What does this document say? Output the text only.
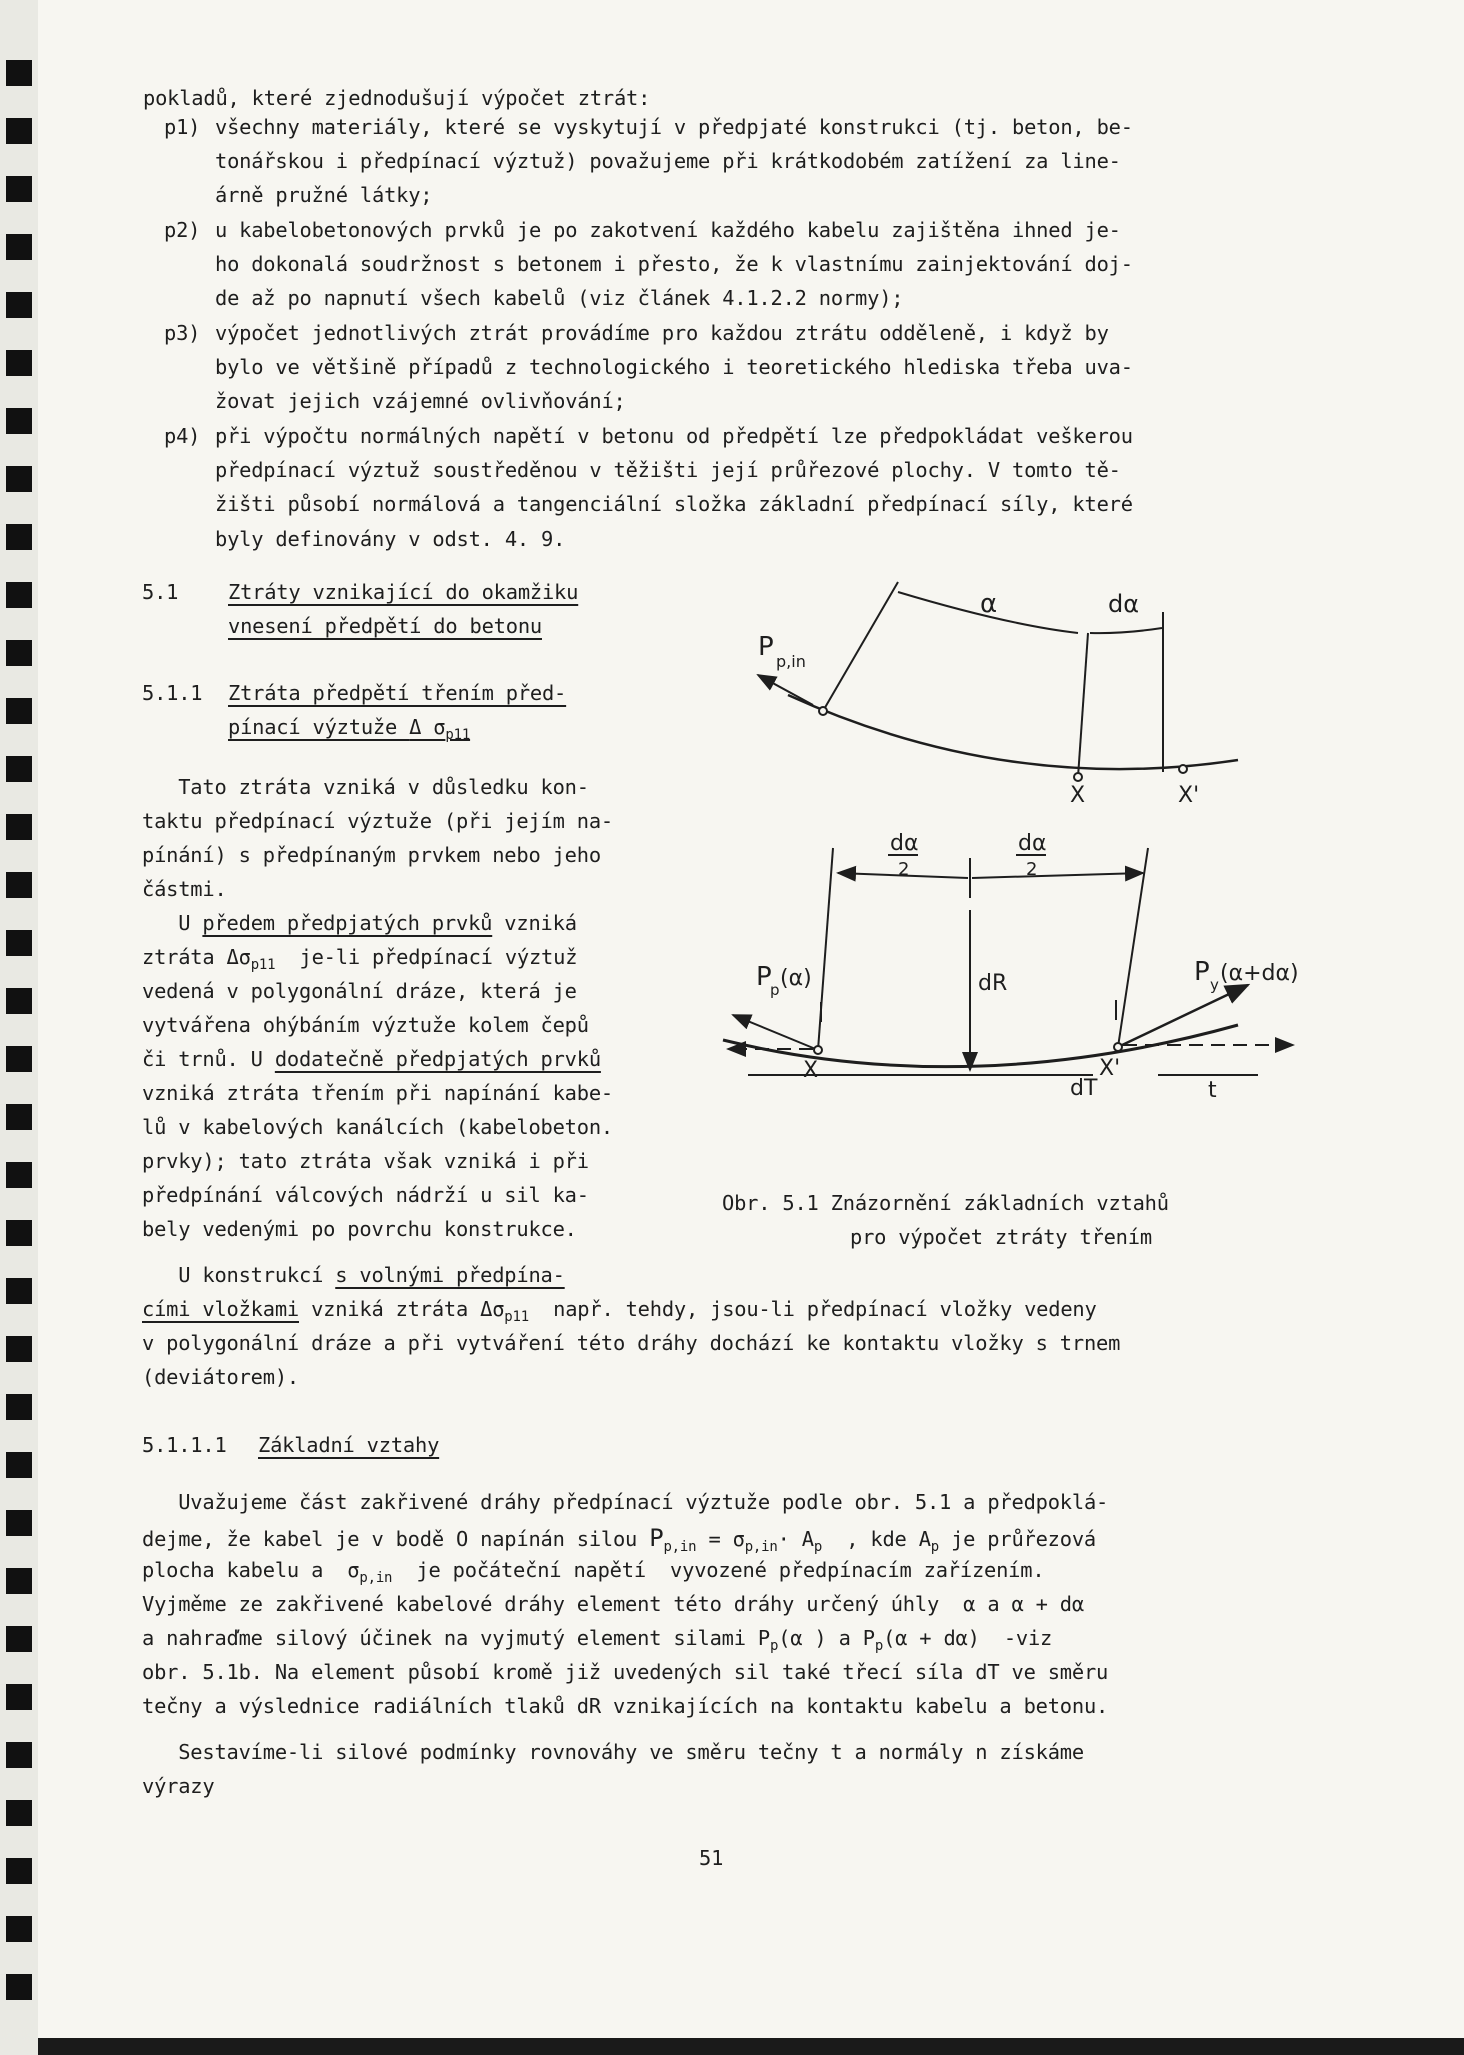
pokladů, které zjednodušují výpočet ztrát:
p1) všechny materiály, které se vyskytují v předpjaté konstrukci (tj. beton, be-
tonářskou i předpínací výztuž) považujeme při krátkodobém zatížení za line-
árně pružné látky;
p2) u kabelobetonových prvků je po zakotvení každého kabelu zajištěna ihned je-
ho dokonalá soudržnost s betonem i přesto, že k vlastnímu zainjektování doj-
de až po napnutí všech kabelů (viz článek 4.1.2.2 normy);
p3) výpočet jednotlivých ztrát provádíme pro každou ztrátu odděleně, i když by
bylo ve většině případů z technologického i teoretického hlediska třeba uva-
žovat jejich vzájemné ovlivňování;
p4) při výpočtu normálných napětí v betonu od předpětí lze předpokládat veškerou
předpínací výztuž soustředěnou v těžišti její průřezové plochy. V tomto tě-
žišti působí normálová a tangenciální složka základní předpínací síly, které
byly definovány v odst. 4. 9.
5.1 Ztráty vznikající do okamžiku
vnesení předpětí do betonu
5.1.1 Ztráta předpětí třením před-
pínací výztuže Δ $\sigma_{p11}$
Tato ztráta vzniká v důsledku kon-
taktu předpínací výztuže (při jejím na-
pínání) s předpínaným prvkem nebo jeho
částmi.
U předem předpjatých prvků vzniká
ztráta $\Delta\sigma_{p11}$  je-li předpínací výztuž
vedená v polygonální dráze, která je
vytvářena ohýbáním výztuže kolem čepů
či trnů. U dodatečně předpjatých prvků
vzniká ztráta třením při napínání kabe-
lů v kabelových kanálcích (kabelobeton.
prvky); tato ztráta však vzniká i při
předpínání válcových nádrží u sil ka-
bely vedenými po povrchu konstrukce.
U konstrukcí s volnými předpína-
cími vložkami vzniká ztráta $\Delta\sigma_{p11}$  např. tehdy, jsou-li předpínací vložky vedeny
v polygonální dráze a při vytváření této dráhy dochází ke kontaktu vložky s trnem
(deviátorem).
5.1.1.1 Základní vztahy
Uvažujeme část zakřivené dráhy předpínací výztuže podle obr. 5.1 a předpoklá-
dejme, že kabel je v bodě O napínán silou $P_{p,in} = \sigma_{p,in}\cdot A_p$  , kde $A_p$ je průřezová
plocha kabelu a  $\sigma_{p,in}$  je počáteční napětí  vyvozené předpínacím zařízením.
Vyjměme ze zakřivené kabelové dráhy element této dráhy určený úhly  α a α + dα
a nahraďme silový účinek na vyjmutý element silami $P_p(\alpha$ ) a $P_p(\alpha + d\alpha)$  -viz
obr. 5.1b. Na element působí kromě již uvedených sil také třecí síla dT ve směru
tečny a výslednice radiálních tlaků dR vznikajících na kontaktu kabelu a betonu.
Sestavíme-li silové podmínky rovnováhy ve směru tečny t a normály n získáme
výrazy
51
α	dα
P p,in
X	X'
dα
2
dα
2
dR
P
p (α)	P y (α+dα)
X	X'
dT	t
Obr. 5.1 Znázornění základních vztahů
pro výpočet ztráty třením
